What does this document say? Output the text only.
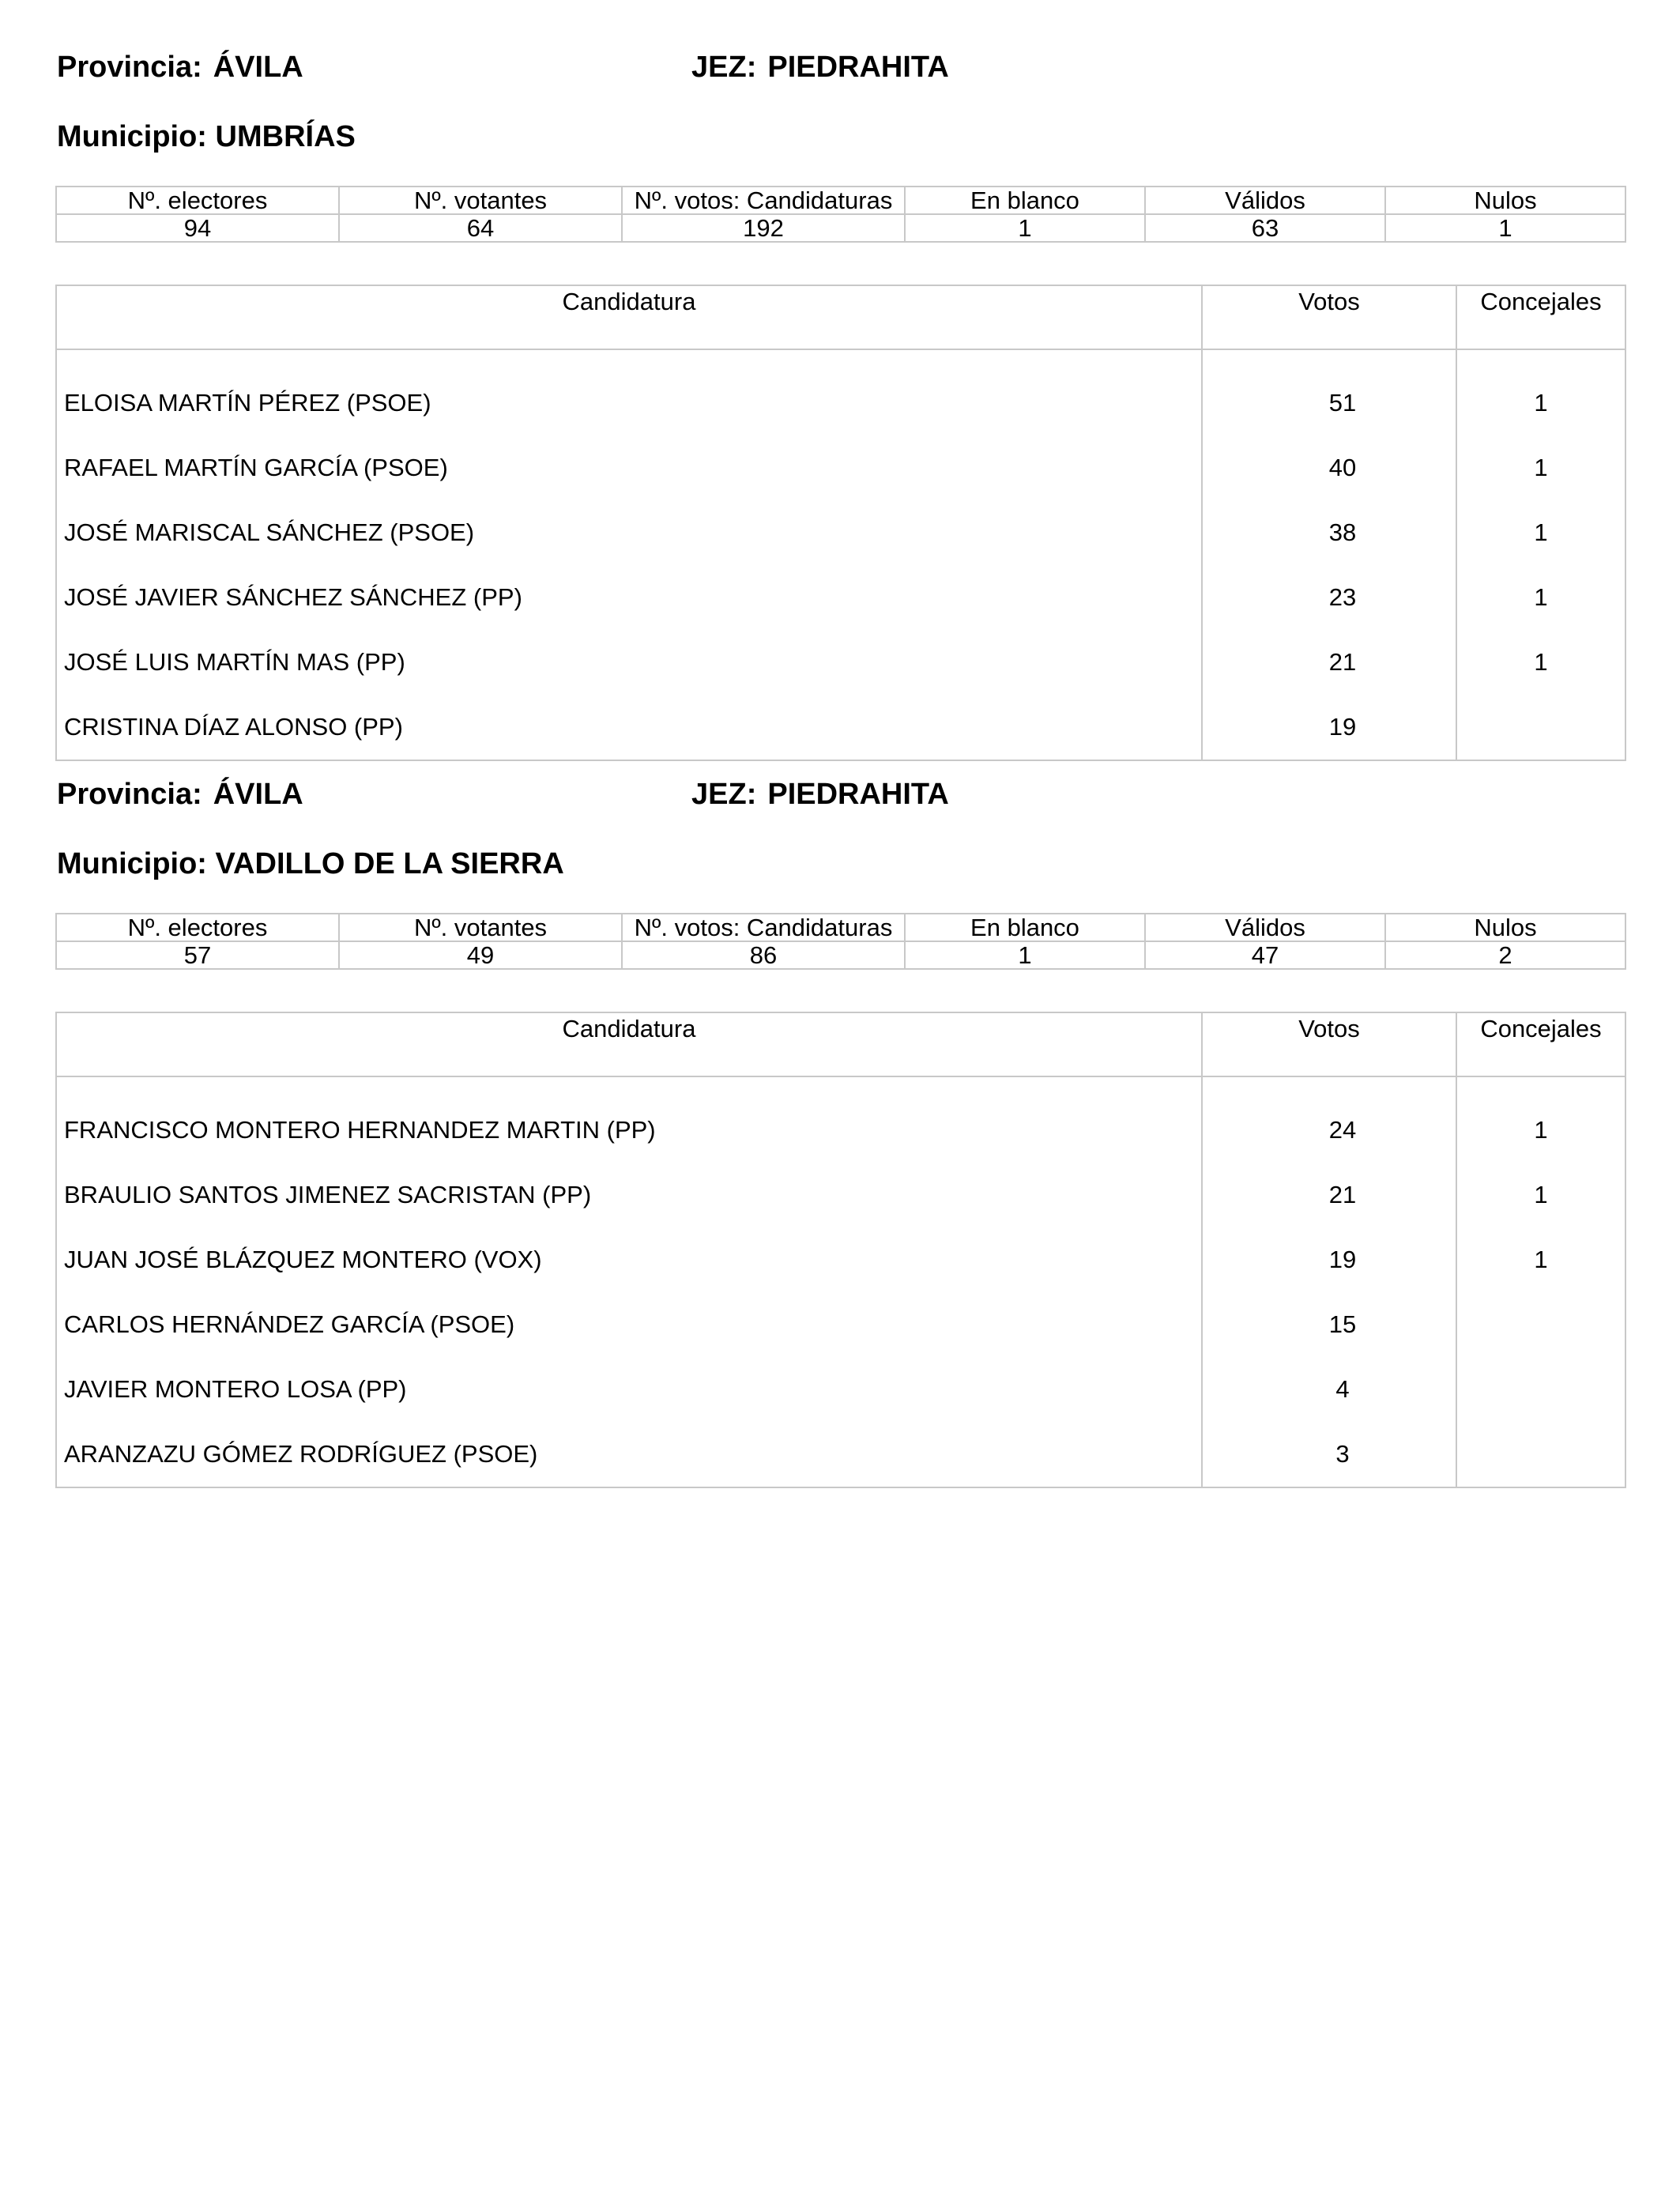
Provincia: ÁVILA	JEZ: PIEDRAHITA
Municipio: UMBRÍAS
Nº. electores	Nº. votantes	Nº. votos: Candidaturas	En blanco	Válidos	Nulos
94	64	192	1	63	1
Candidatura	Votos	Concejales
ELOISA MARTÍN PÉREZ (PSOE)	51	1
RAFAEL MARTÍN GARCÍA (PSOE)	40	1
JOSÉ MARISCAL SÁNCHEZ (PSOE)	38	1
JOSÉ JAVIER SÁNCHEZ SÁNCHEZ (PP)	23	1
JOSÉ LUIS MARTÍN MAS (PP)	21	1
CRISTINA DÍAZ ALONSO (PP)	19	
Provincia: ÁVILA	JEZ: PIEDRAHITA
Municipio: VADILLO DE LA SIERRA
Nº. electores	Nº. votantes	Nº. votos: Candidaturas	En blanco	Válidos	Nulos
57	49	86	1	47	2
Candidatura	Votos	Concejales
FRANCISCO MONTERO HERNANDEZ MARTIN (PP)	24	1
BRAULIO SANTOS JIMENEZ SACRISTAN (PP)	21	1
JUAN JOSÉ BLÁZQUEZ MONTERO (VOX)	19	1
CARLOS HERNÁNDEZ GARCÍA (PSOE)	15	
JAVIER MONTERO LOSA (PP)	4	
ARANZAZU GÓMEZ RODRÍGUEZ (PSOE)	3	
